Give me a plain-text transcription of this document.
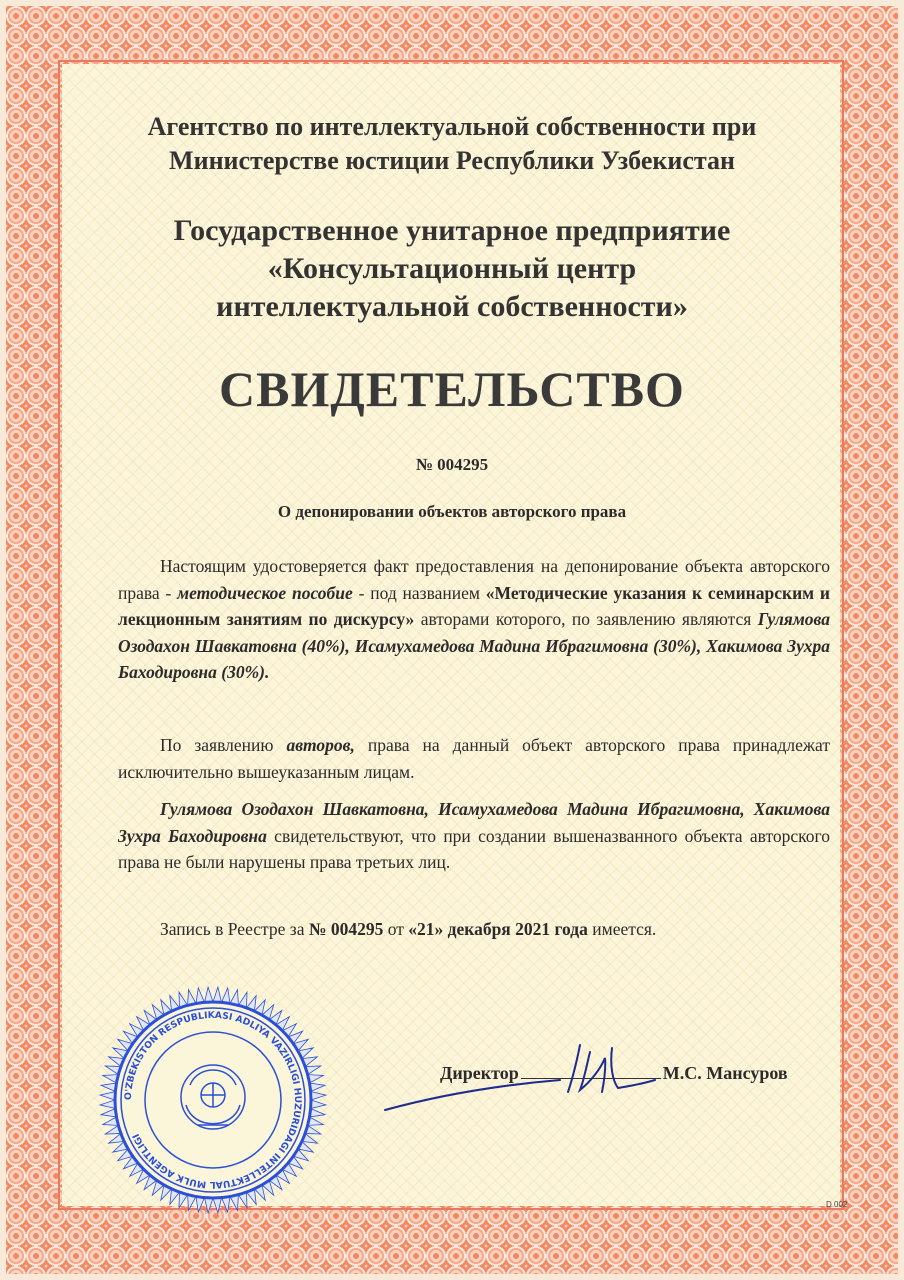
Агентство по интеллектуальной собственности при
Министерстве юстиции Республики Узбекистан
Государственное унитарное предприятие
«Консультационный центр
интеллектуальной собственности»
СВИДЕТЕЛЬСТВО
№ 004295
О депонировании объектов авторского права
Настоящим удостоверяется факт предоставления на депонирование объекта авторского права - методическое пособие - под названием «Методические указания к семинарским и лекционным занятиям по дискурсу» авторами которого, по заявлению являются Гулямова Озодахон Шавкатовна (40%), Исамухамедова Мадина Ибрагимовна (30%), Хакимова Зухра Баходировна (30%).
По заявлению авторов, права на данный объект авторского права принадлежат исключительно вышеуказанным лицам.
Гулямова Озодахон Шавкатовна, Исамухамедова Мадина Ибрагимовна, Хакимова Зухра Баходировна свидетельствуют, что при создании вышеназванного объекта авторского права не были нарушены права третьих лиц.
Запись в Реестре за № 004295 от «21» декабря 2021 года имеется.
O'ZBEKISTON RESPUBLIKASI ADLIYA VAZIRLIGI HUZURIDAGI INTELLEKTUAL MULK AGENTLIGI
Директор	М.С. Мансуров
D 002
